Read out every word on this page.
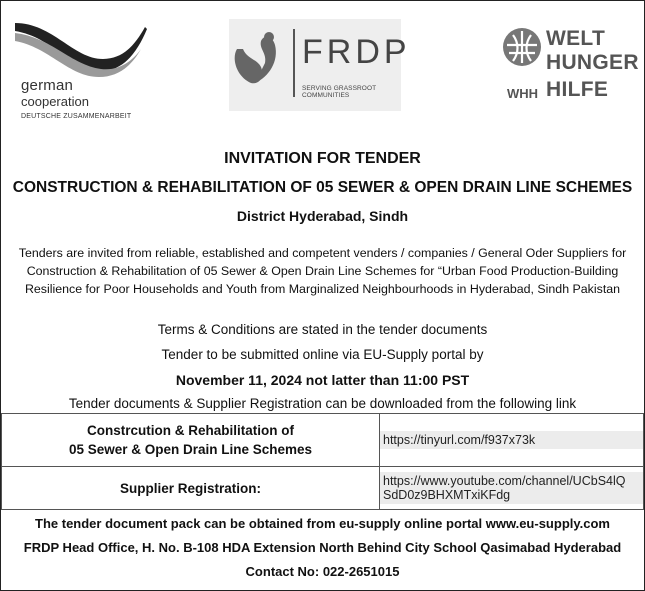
german
cooperation
DEUTSCHE ZUSAMMENARBEIT
FRDP
SERVING GRASSROOT COMMUNITIES
WELT
HUNGER
HILFE
WHH
INVITATION FOR TENDER
CONSTRUCTION & REHABILITATION OF 05 SEWER & OPEN DRAIN LINE SCHEMES
District Hyderabad, Sindh
Tenders are invited from reliable, established and competent venders / companies / General Oder Suppliers for Construction & Rehabilitation of 05 Sewer & Open Drain Line Schemes for “Urban Food Production-Building Resilience for Poor Households and Youth from Marginalized Neighbourhoods in Hyderabad, Sindh Pakistan
Terms & Conditions are stated in the tender documents
Tender to be submitted online via EU-Supply portal by
November 11, 2024 not latter than 11:00 PST
Tender documents & Supplier Registration can be downloaded from the following link
Constrcution & Rehabilitation of
05 Sewer & Open Drain Line Schemes	https://tinyurl.com/f937x73k

Supplier Registration:	https://www.youtube.com/channel/UCbS4lQ
SdD0z9BHXMTxiKFdg
The tender document pack can be obtained from eu-supply online portal www.eu-supply.com
FRDP Head Office, H. No. B-108 HDA Extension North Behind City School Qasimabad Hyderabad
Contact No: 022-2651015
